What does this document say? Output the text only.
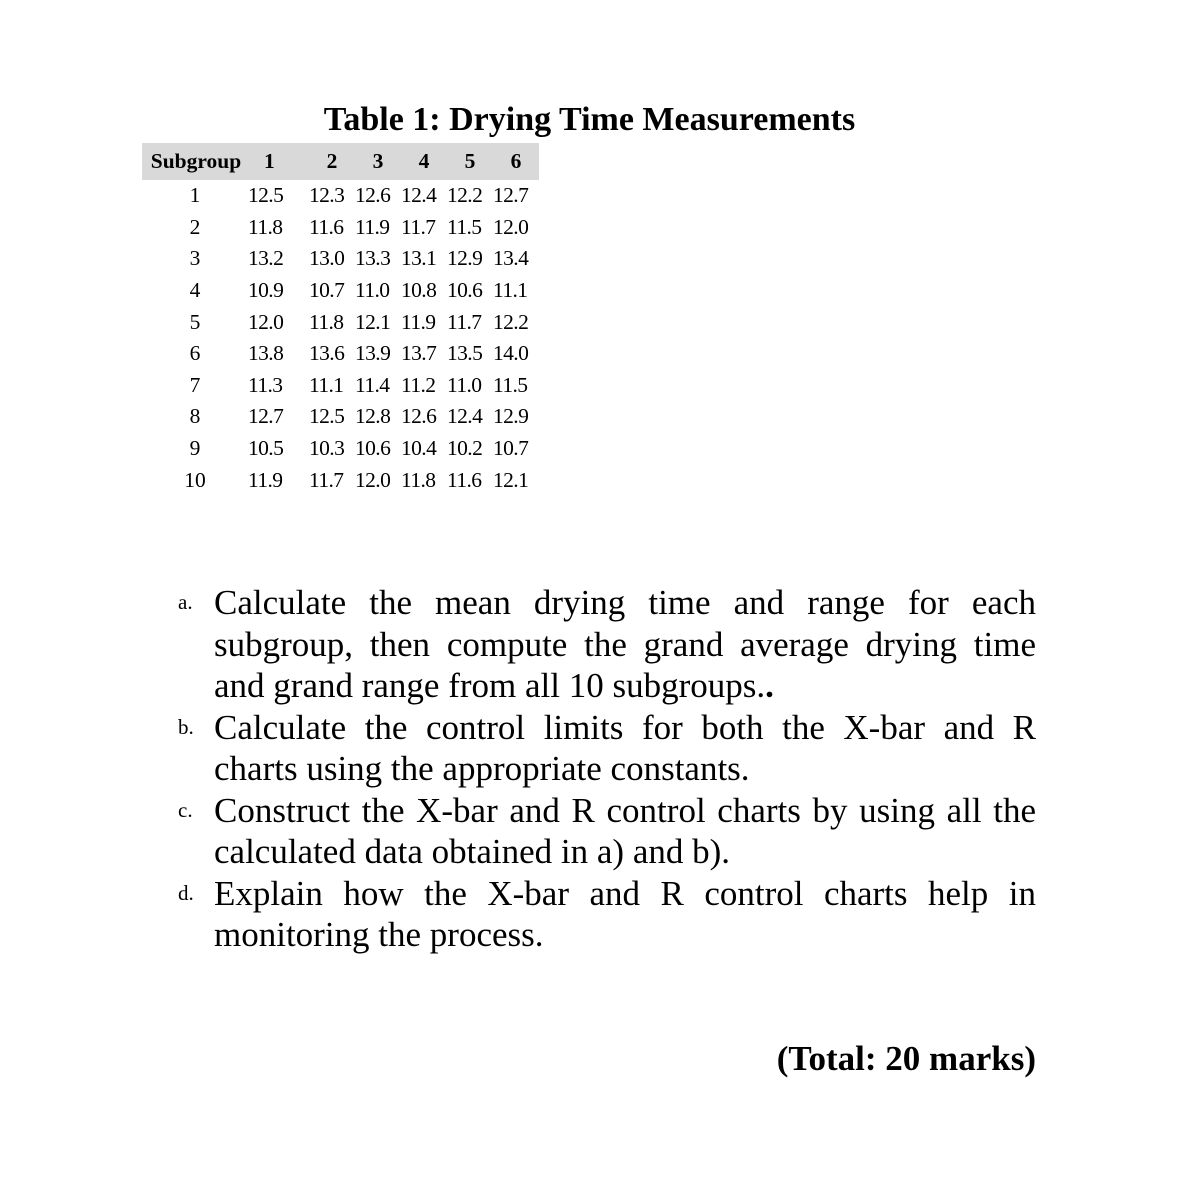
Table 1: Drying Time Measurements
Subgroup	1	2	3	4	5	6
1	12.5	12.3	12.6	12.4	12.2	12.7
2	11.8	11.6	11.9	11.7	11.5	12.0
3	13.2	13.0	13.3	13.1	12.9	13.4
4	10.9	10.7	11.0	10.8	10.6	11.1
5	12.0	11.8	12.1	11.9	11.7	12.2
6	13.8	13.6	13.9	13.7	13.5	14.0
7	11.3	11.1	11.4	11.2	11.0	11.5
8	12.7	12.5	12.8	12.6	12.4	12.9
9	10.5	10.3	10.6	10.4	10.2	10.7
10	11.9	11.7	12.0	11.8	11.6	12.1
a. Calculate the mean drying time and range for each subgroup, then compute the grand average drying time and grand range from all 10 subgroups..
b. Calculate the control limits for both the X-bar and R charts using the appropriate constants.
c. Construct the X-bar and R control charts by using all the calculated data obtained in a) and b).
d. Explain how the X-bar and R control charts help in monitoring the process.
(Total: 20 marks)
